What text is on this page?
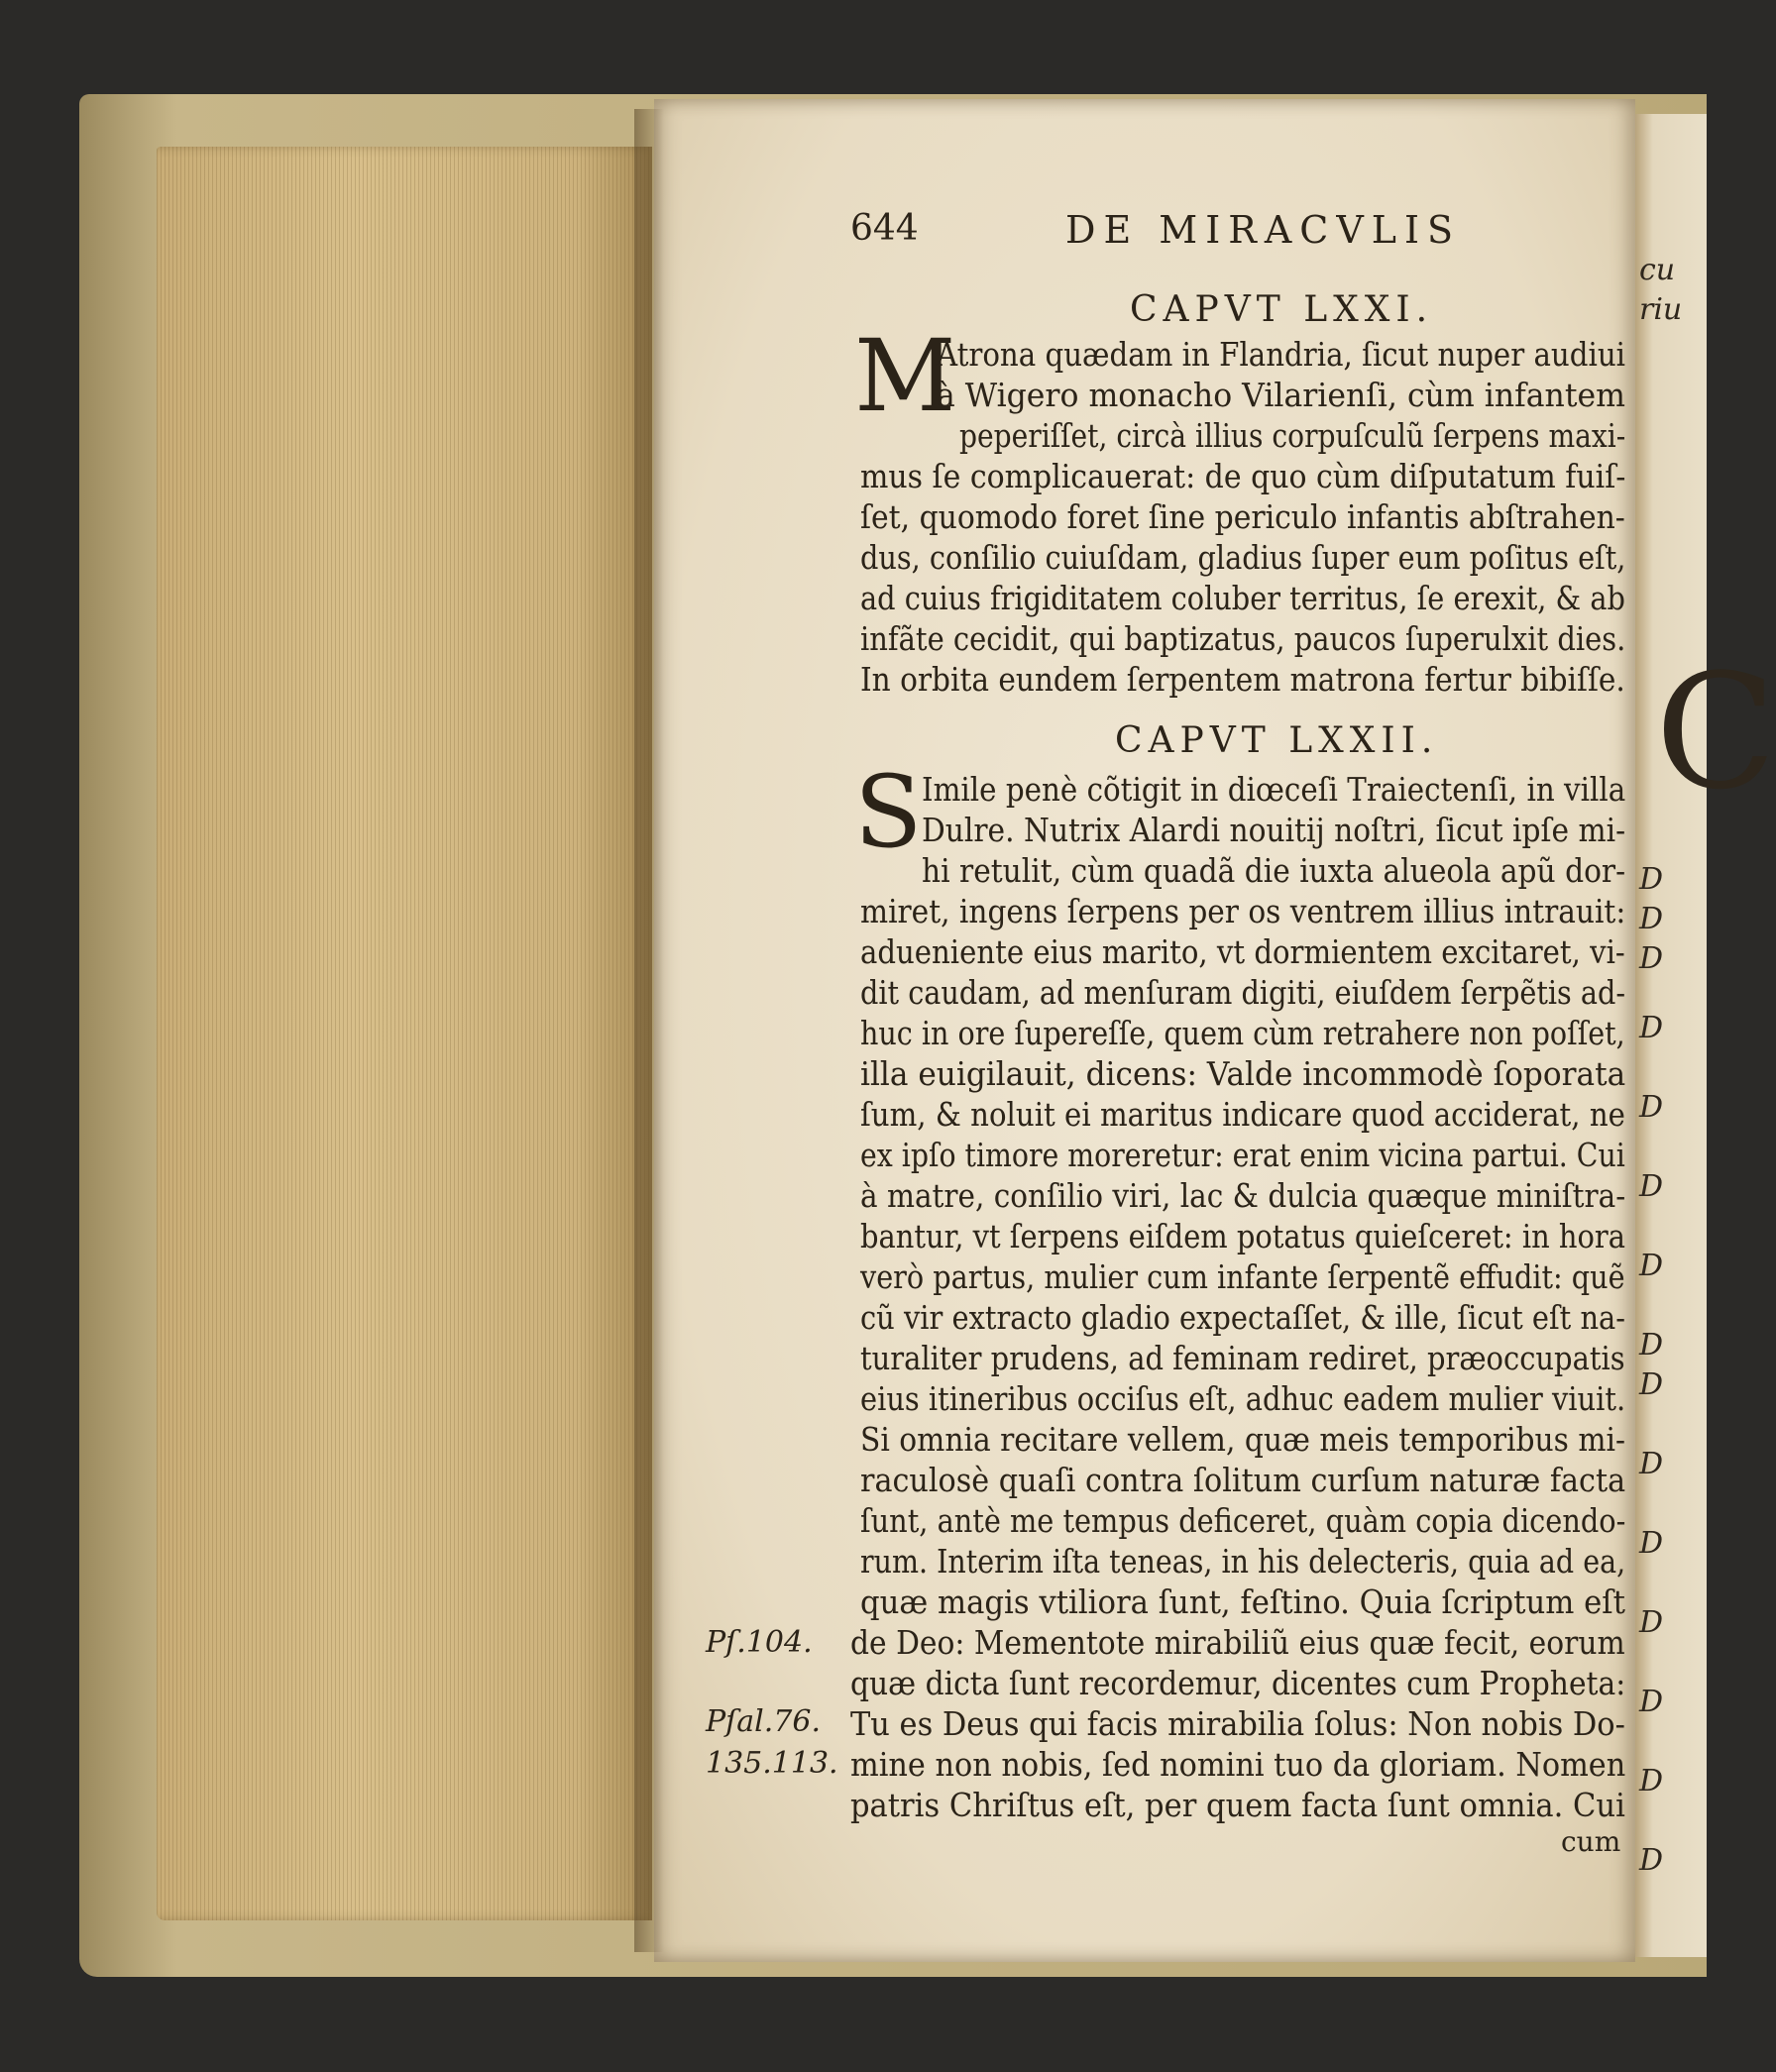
cu
riu
C
D
D
D
D
D
D
D
D
D
D
D
D
D
D
D
644	DE MIRACVLIS
CAPVT LXXI.
M
Atrona quædam in Flandria, ſicut nuper audiui
à Wigero monacho Vilarienſi, cùm infantem
peperiſſet, circà illius corpuſculũ ſerpens maxi-
mus ſe complicauerat: de quo cùm diſputatum fuiſ-
ſet, quomodo foret ſine periculo infantis abſtrahen-
dus, conſilio cuiuſdam, gladius ſuper eum poſitus eſt,
ad cuius frigiditatem coluber territus, ſe erexit, & ab
infãte cecidit, qui baptizatus, paucos ſuperulxit dies.
In orbita eundem ſerpentem matrona fertur bibiſſe.
CAPVT LXXII.
S Imile penè cõtigit in diœceſi Traiectenſi, in villa
Dulre. Nutrix Alardi nouitij noſtri, ſicut ipſe mi-
hi retulit, cùm quadã die iuxta alueola apũ dor-
miret, ingens ſerpens per os ventrem illius intrauit:
adueniente eius marito, vt dormientem excitaret, vi-
dit caudam, ad menſuram digiti, eiuſdem ſerpẽtis ad-
huc in ore ſupereſſe, quem cùm retrahere non poſſet,
illa euigilauit, dicens: Valde incommodè ſoporata
ſum, & noluit ei maritus indicare quod acciderat, ne
ex ipſo timore moreretur: erat enim vicina partui. Cui
à matre, conſilio viri, lac & dulcia quæque miniſtra-
bantur, vt ſerpens eiſdem potatus quieſceret: in hora
verò partus, mulier cum infante ſerpentẽ effudit: quẽ
cũ vir extracto gladio expectaſſet, & ille, ſicut eſt na-
turaliter prudens, ad feminam rediret, præoccupatis
eius itineribus occiſus eſt, adhuc eadem mulier viuit.
Si omnia recitare vellem, quæ meis temporibus mi-
raculosè quaſi contra ſolitum curſum naturæ facta
ſunt, antè me tempus deficeret, quàm copia dicendo-
rum. Interim iſta teneas, in his delecteris, quia ad ea,
quæ magis vtiliora ſunt, feſtino. Quia ſcriptum eſt
de Deo: Mementote mirabiliũ eius quæ fecit, eorum
quæ dicta ſunt recordemur, dicentes cum Propheta:
Tu es Deus qui facis mirabilia ſolus: Non nobis Do-
mine non nobis, ſed nomini tuo da gloriam. Nomen
patris Chriſtus eſt, per quem facta ſunt omnia. Cui
cum
Pſ.104.
Pſal.76.
135.113.
